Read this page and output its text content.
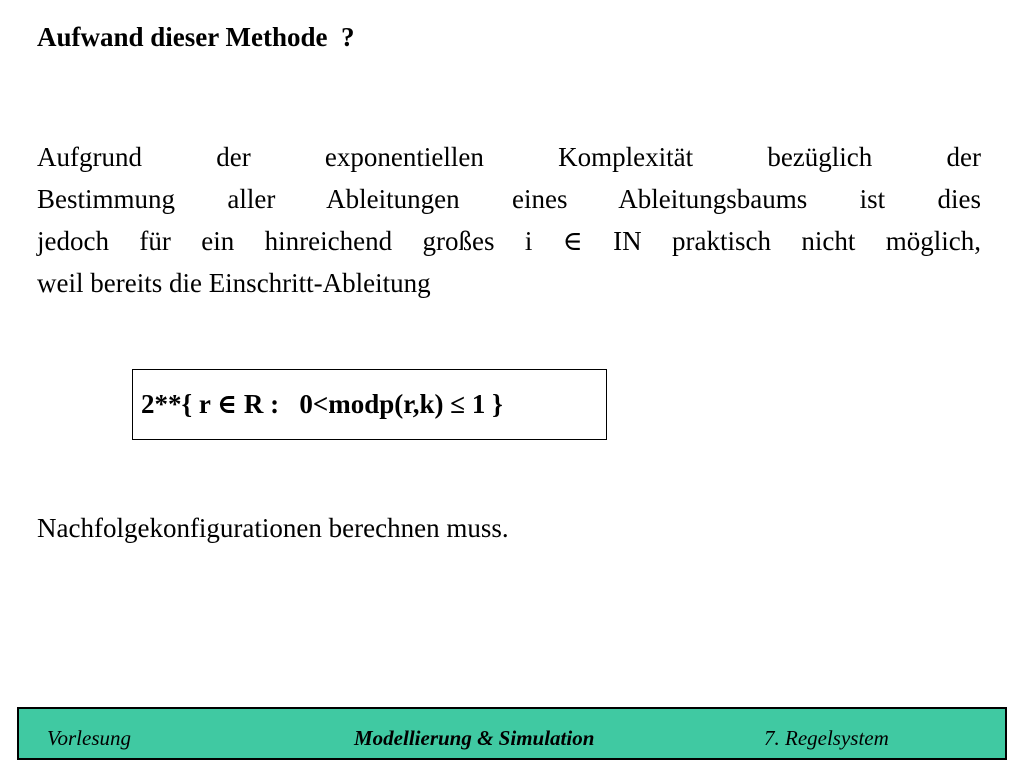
Aufwand dieser Methode  ?
Aufgrund der exponentiellen Komplexität bezüglich der
Bestimmung aller Ableitungen eines Ableitungsbaums ist dies
jedoch für ein hinreichend großes i ∈ IN praktisch nicht möglich,
weil bereits die Einschritt-Ableitung
2**{ r ∈ R :   0<modp(r,k) ≤ 1 }

Nachfolgekonfigurationen berechnen muss.

Vorlesung	Modellierung & Simulation	7. Regelsystem
